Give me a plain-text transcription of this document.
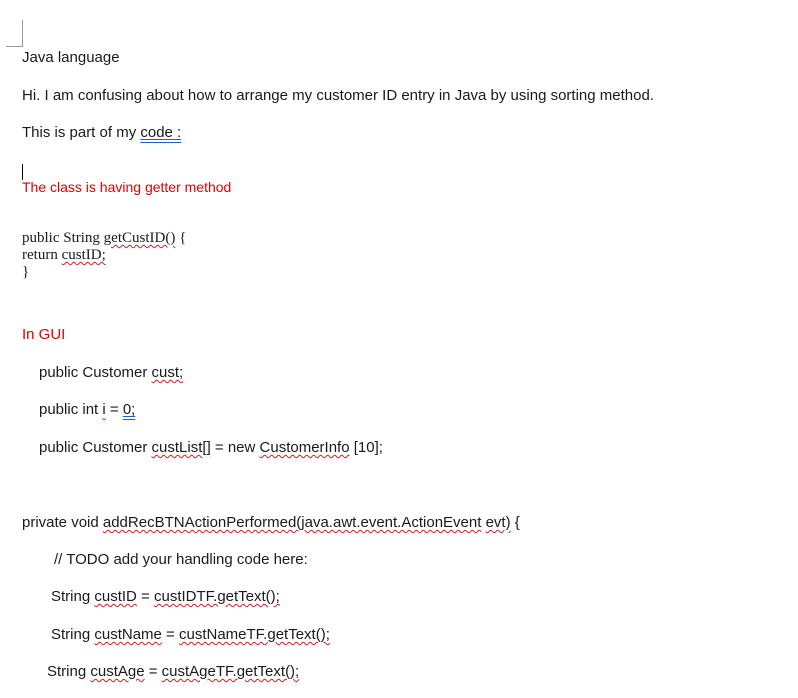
Java language
Hi. I am confusing about how to arrange my customer ID entry in Java by using sorting method.
This is part of my code :
The class is having getter method
public String getCustID() {
return custID;
}
In GUI
public Customer cust;
public int i = 0;
public Customer custList[] = new CustomerInfo [10];
private void addRecBTNActionPerformed(java.awt.event.ActionEvent evt) {
// TODO add your handling code here:
String custID = custIDTF.getText();
String custName = custNameTF.getText();
String custAge = custAgeTF.getText();
